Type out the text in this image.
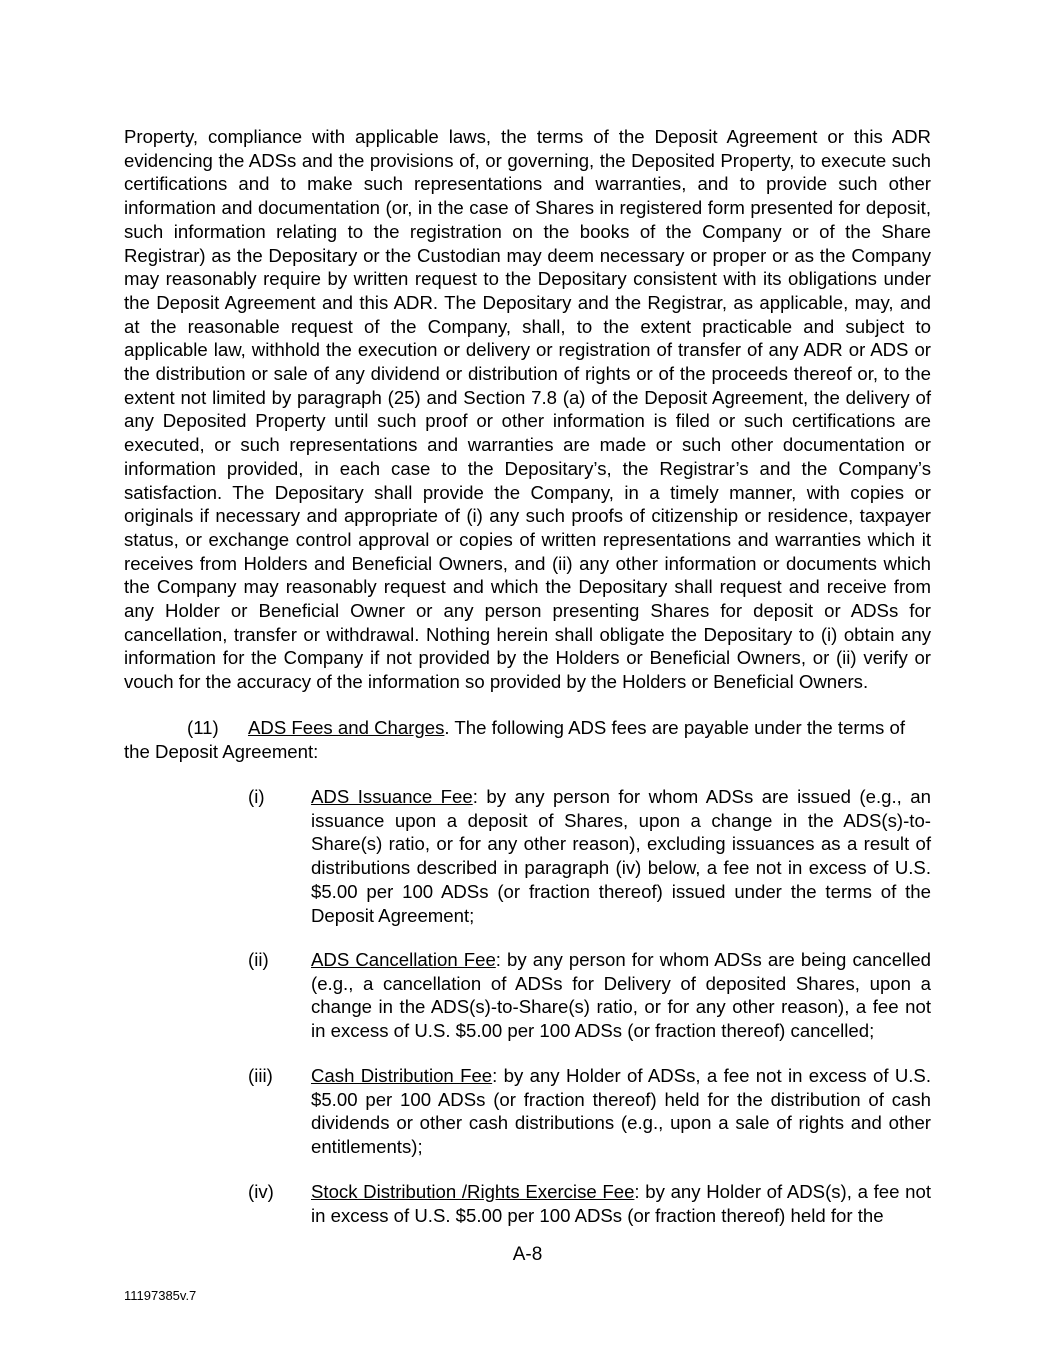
Property, compliance with applicable laws, the terms of the Deposit Agreement or this ADR evidencing the ADSs and the provisions of, or governing, the Deposited Property, to execute such certifications and to make such representations and warranties, and to provide such other information and documentation (or, in the case of Shares in registered form presented for deposit, such information relating to the registration on the books of the Company or of the Share Registrar) as the Depositary or the Custodian may deem necessary or proper or as the Company may reasonably require by written request to the Depositary consistent with its obligations under the Deposit Agreement and this ADR. The Depositary and the Registrar, as applicable, may, and at the reasonable request of the Company, shall, to the extent practicable and subject to applicable law, withhold the execution or delivery or registration of transfer of any ADR or ADS or the distribution or sale of any dividend or distribution of rights or of the proceeds thereof or, to the extent not limited by paragraph (25) and Section 7.8 (a) of the Deposit Agreement, the delivery of any Deposited Property until such proof or other information is filed or such certifications are executed, or such representations and warranties are made or such other documentation or information provided, in each case to the Depositary’s, the Registrar’s and the Company’s satisfaction. The Depositary shall provide the Company, in a timely manner, with copies or originals if necessary and appropriate of (i) any such proofs of citizenship or residence, taxpayer status, or exchange control approval or copies of written representations and warranties which it receives from Holders and Beneficial Owners, and (ii) any other information or documents which the Company may reasonably request and which the Depositary shall request and receive from any Holder or Beneficial Owner or any person presenting Shares for deposit or ADSs for cancellation, transfer or withdrawal. Nothing herein shall obligate the Depositary to (i) obtain any information for the Company if not provided by the Holders or Beneficial Owners, or (ii) verify or vouch for the accuracy of the information so provided by the Holders or Beneficial Owners.

(11) ADS Fees and Charges. The following ADS fees are payable under the terms of the Deposit Agreement:

(i)	ADS Issuance Fee: by any person for whom ADSs are issued (e.g., an issuance upon a deposit of Shares, upon a change in the ADS(s)-to-Share(s) ratio, or for any other reason), excluding issuances as a result of distributions described in paragraph (iv) below, a fee not in excess of U.S. $5.00 per 100 ADSs (or fraction thereof) issued under the terms of the Deposit Agreement;
(ii)	ADS Cancellation Fee: by any person for whom ADSs are being cancelled (e.g., a cancellation of ADSs for Delivery of deposited Shares, upon a change in the ADS(s)-to-Share(s) ratio, or for any other reason), a fee not in excess of U.S. $5.00 per 100 ADSs (or fraction thereof) cancelled;
(iii)	Cash Distribution Fee: by any Holder of ADSs, a fee not in excess of U.S. $5.00 per 100 ADSs (or fraction thereof) held for the distribution of cash dividends or other cash distributions (e.g., upon a sale of rights and other entitlements);
(iv)	Stock Distribution /Rights Exercise Fee: by any Holder of ADS(s), a fee not in excess of U.S. $5.00 per 100 ADSs (or fraction thereof) held for the
A-8
11197385v.7
